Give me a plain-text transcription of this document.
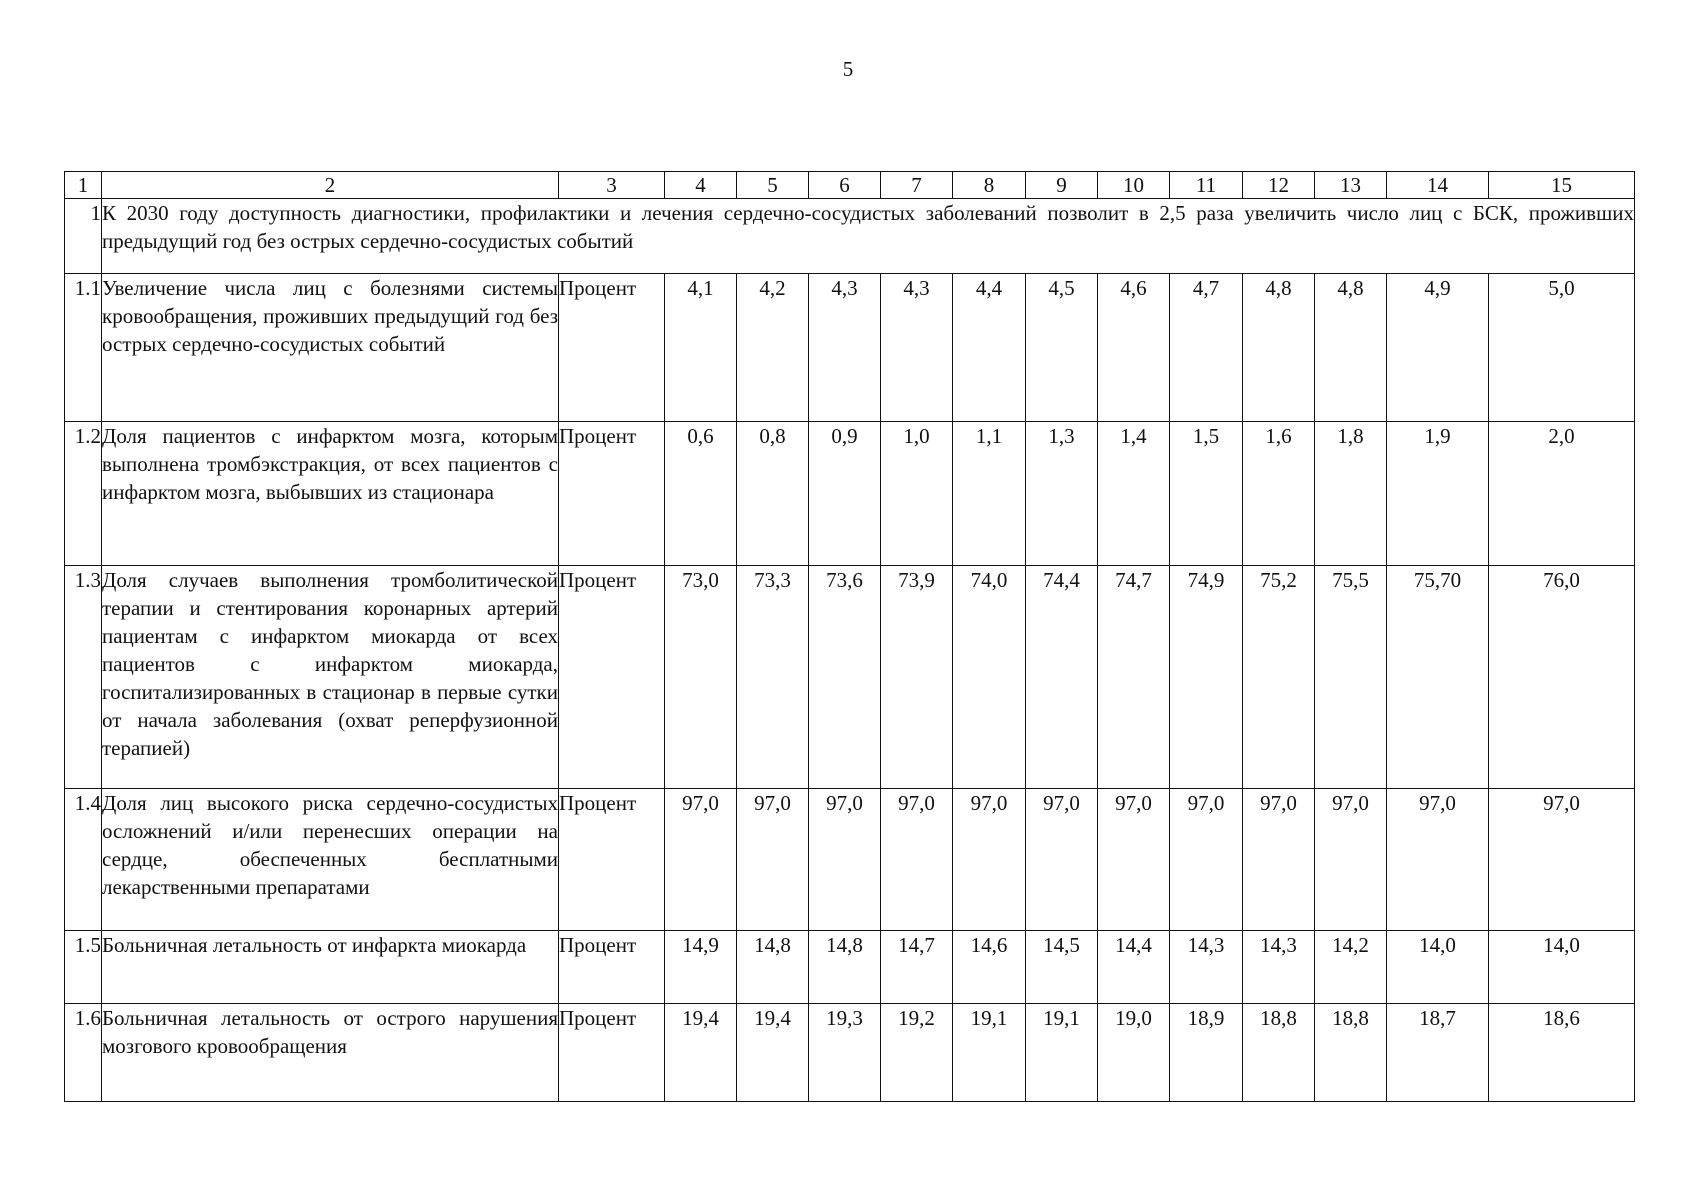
5
1	2	3	4	5	6	7	8	9	10	11	12	13	14	15
1	К 2030 году доступность диагностики, профилактики и лечения сердечно-сосудистых заболеваний позволит в 2,5 раза увеличить число лиц с БСК, проживших предыдущий год без острых сердечно-сосудистых событий													
1.1	Увеличение числа лиц с болезнями системы кровообращения, проживших предыдущий год без острых сердечно-сосудистых событий	Процент	4,1	4,2	4,3	4,3	4,4	4,5	4,6	4,7	4,8	4,8	4,9	5,0
1.2	Доля пациентов с инфарктом мозга, которым выполнена тромбэкстракция, от всех пациентов с инфарктом мозга, выбывших из стационара	Процент	0,6	0,8	0,9	1,0	1,1	1,3	1,4	1,5	1,6	1,8	1,9	2,0
1.3	Доля случаев выполнения тромболитической терапии и стентирования коронарных артерий пациентам с инфарктом миокарда от всех пациентов с инфарктом миокарда, госпитализированных в стационар в первые сутки от начала заболевания (охват реперфузионной терапией)	Процент	73,0	73,3	73,6	73,9	74,0	74,4	74,7	74,9	75,2	75,5	75,70	76,0
1.4	Доля лиц высокого риска сердечно-сосудистых осложнений и/или перенесших операции на сердце, обеспеченных бесплатными лекарственными препаратами	Процент	97,0	97,0	97,0	97,0	97,0	97,0	97,0	97,0	97,0	97,0	97,0	97,0
1.5	Больничная летальность от инфаркта миокарда	Процент	14,9	14,8	14,8	14,7	14,6	14,5	14,4	14,3	14,3	14,2	14,0	14,0
1.6	Больничная летальность от острого нарушения мозгового кровообращения	Процент	19,4	19,4	19,3	19,2	19,1	19,1	19,0	18,9	18,8	18,8	18,7	18,6
